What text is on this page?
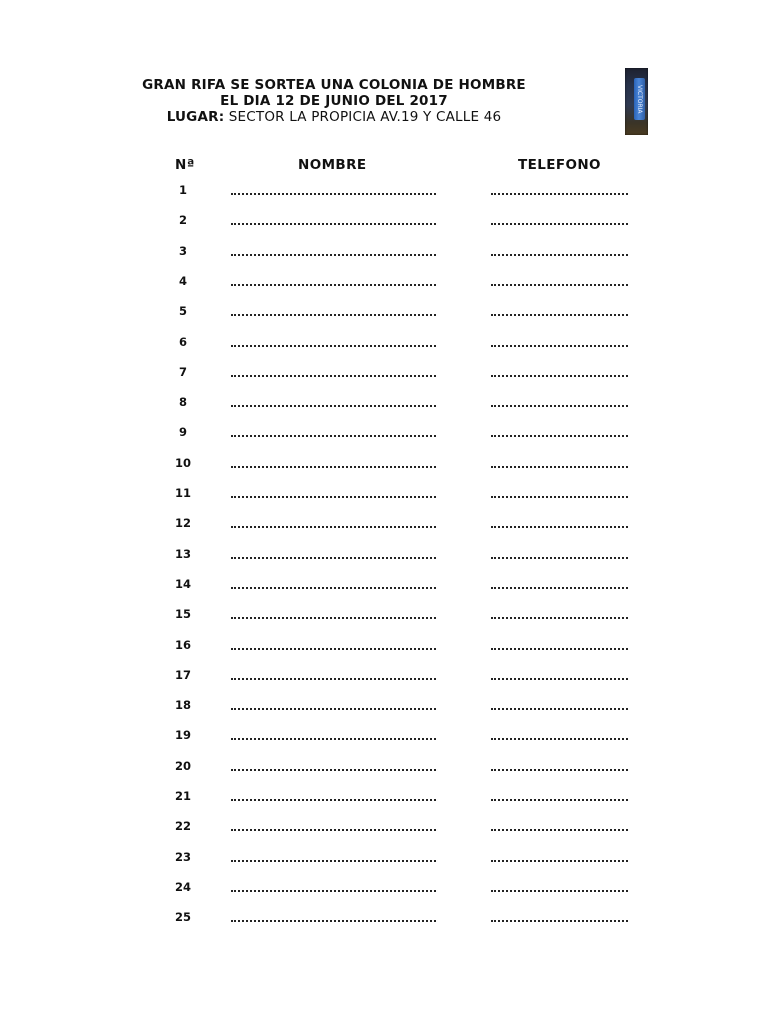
GRAN RIFA SE SORTEA UNA COLONIA DE HOMBRE
EL DIA 12 DE JUNIO DEL 2017
LUGAR: SECTOR LA PROPICIA AV.19 Y CALLE 46
VICTORIA
Nª	NOMBRE	TELEFONO
1
2
3
4
5
6
7
8
9
10
11
12
13
14
15
16
17
18
19
20
21
22
23
24
25
